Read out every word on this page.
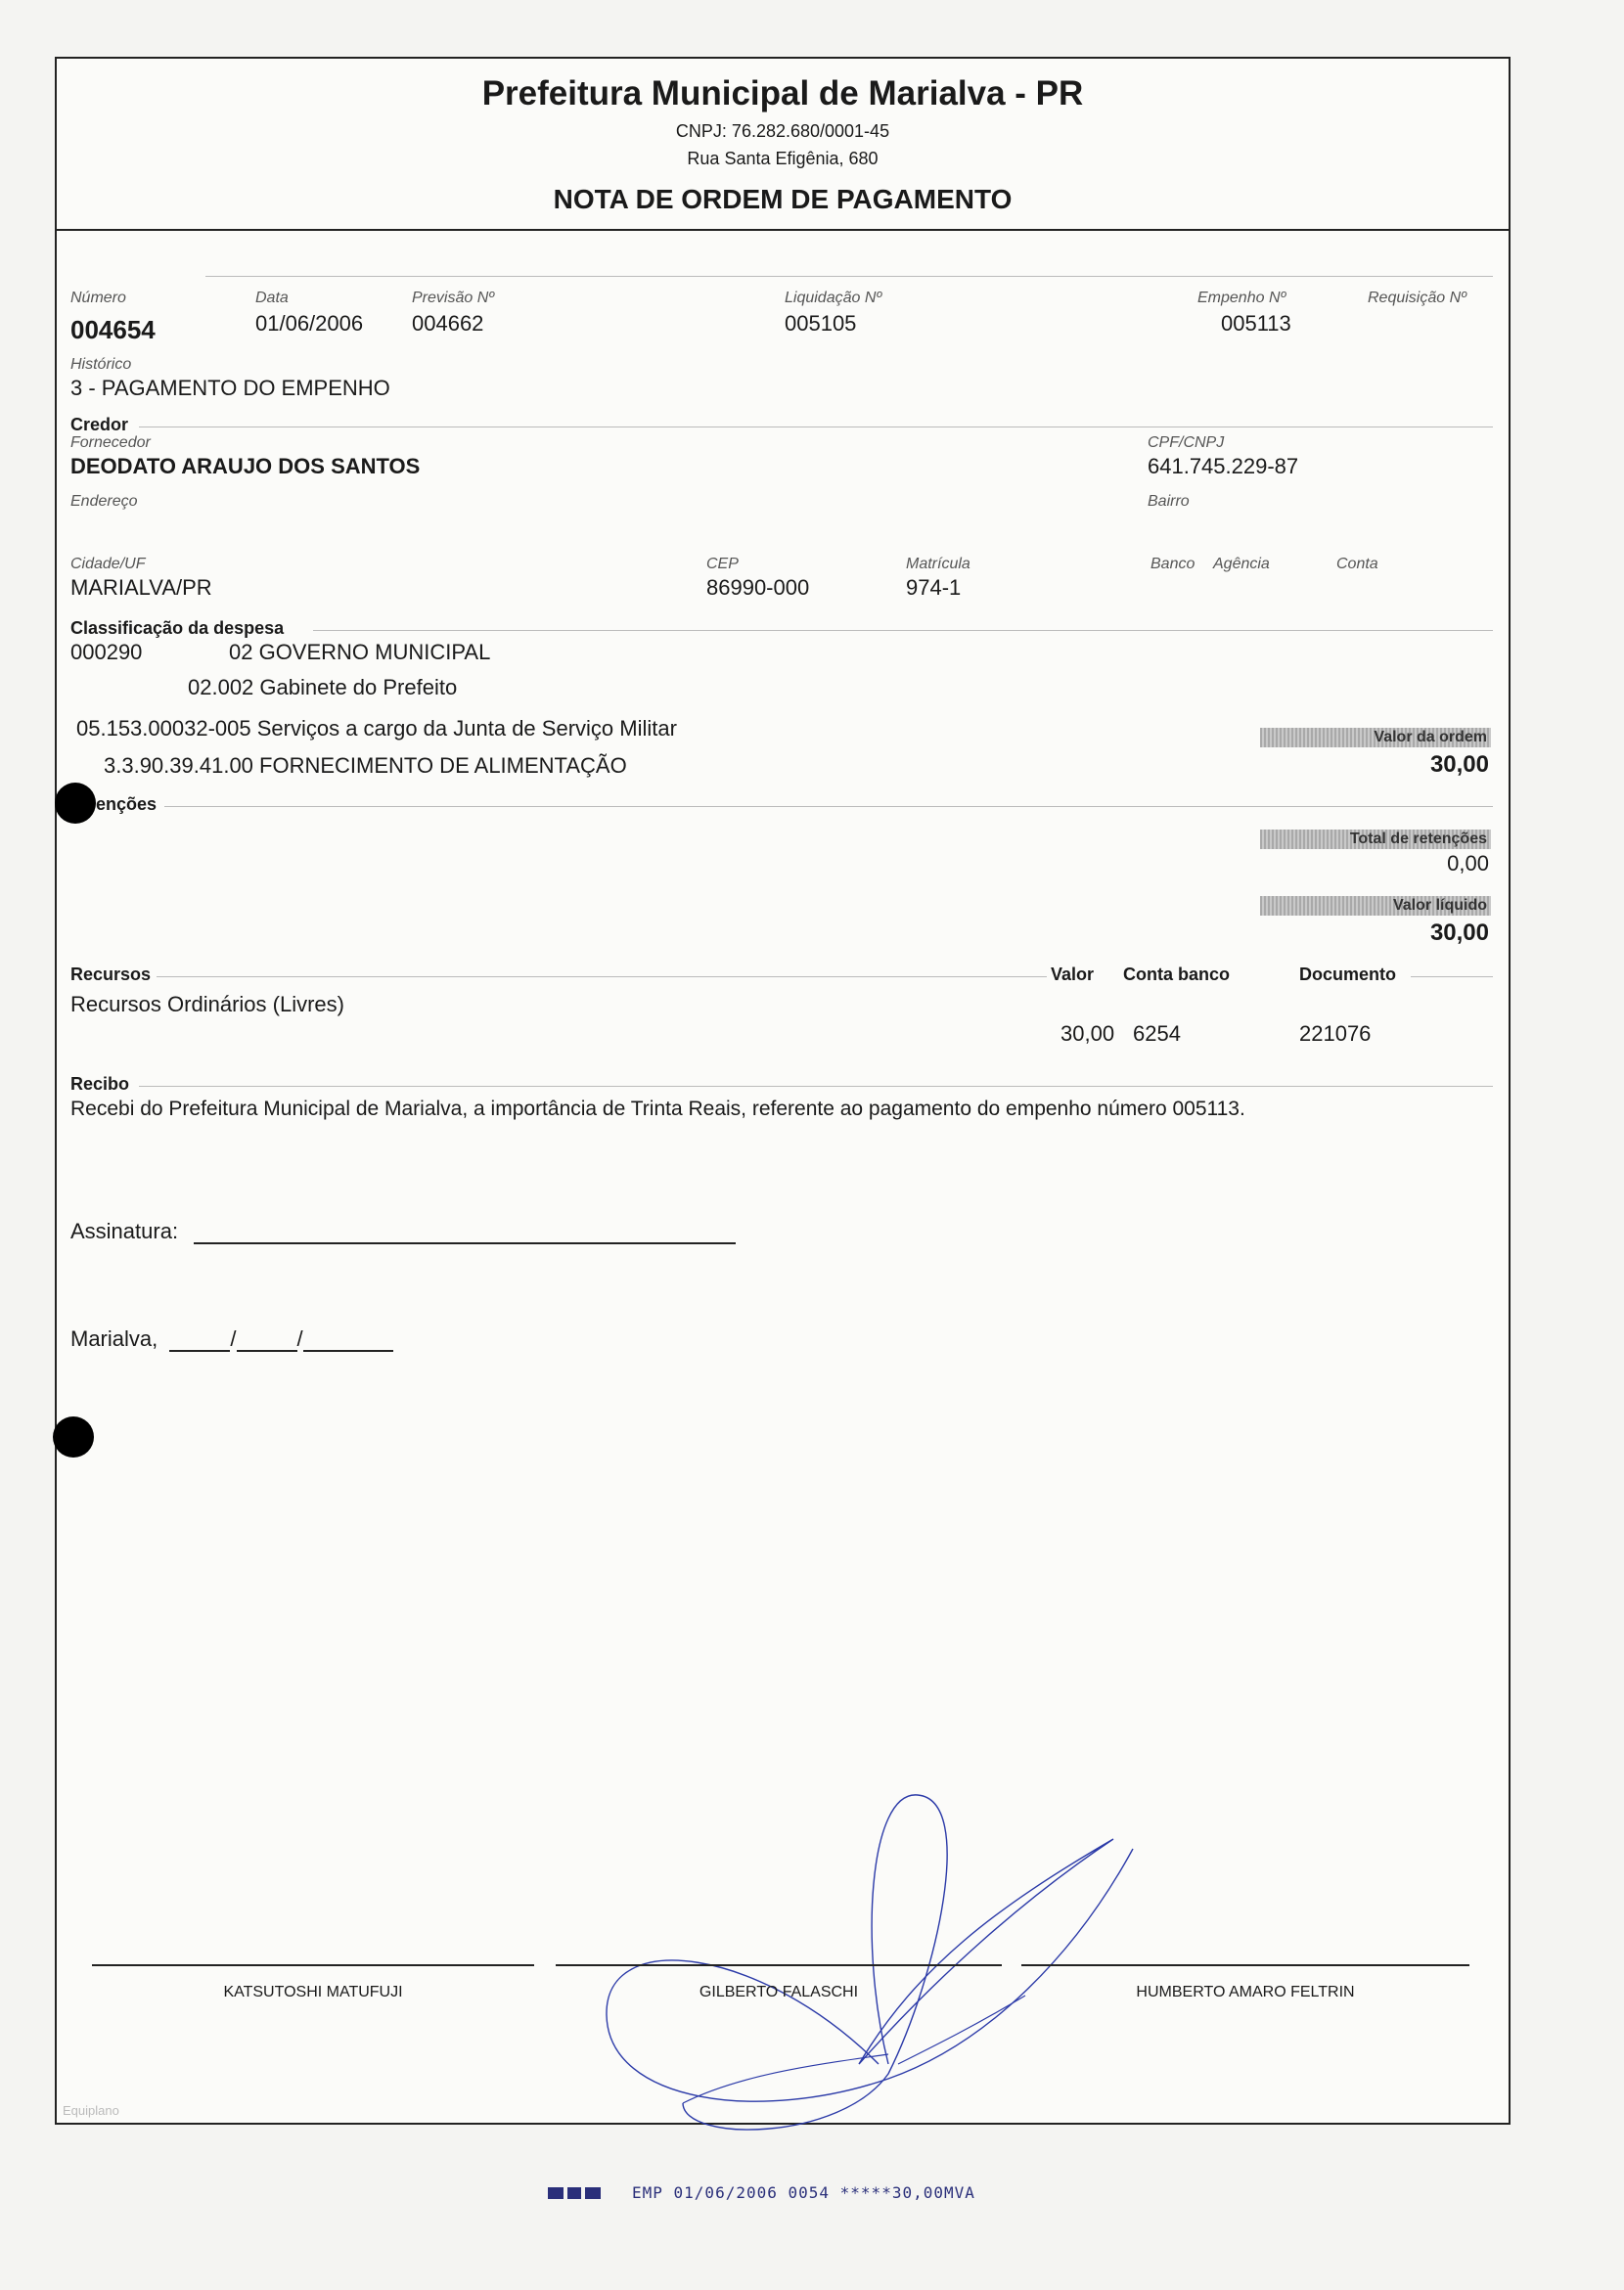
Prefeitura Municipal de Marialva - PR
CNPJ: 76.282.680/0001-45
Rua Santa Efigênia, 680
NOTA DE ORDEM DE PAGAMENTO
Número
004654
Data
01/06/2006
Previsão Nº
004662
Liquidação Nº
005105
Empenho Nº
005113
Requisição Nº
Histórico
3 - PAGAMENTO DO EMPENHO
Credor
Fornecedor
DEODATO ARAUJO DOS SANTOS
CPF/CNPJ
641.745.229-87
Endereço	Bairro
Cidade/UF
MARIALVA/PR
CEP
86990-000
Matrícula
974-1
Banco Agência	Conta
Classificação da despesa
000290	02 GOVERNO MUNICIPAL
02.002 Gabinete do Prefeito
05.153.00032-005 Serviços a cargo da Junta de Serviço Militar
3.3.90.39.41.00 FORNECIMENTO DE ALIMENTAÇÃO
Valor da ordem
30,00
enções
Total de retenções
0,00
Valor líquido
30,00
Recursos	Valor Conta banco	Documento
Recursos Ordinários (Livres)
30,00 6254	221076
Recibo
Recebi do Prefeitura Municipal de Marialva, a importância de Trinta Reais, referente ao pagamento do empenho número 005113.
Assinatura:
Marialva,	/	/
KATSUTOSHI MATUFUJI	GILBERTO FALASCHI	HUMBERTO AMARO FELTRIN
Equiplano
EMP 01/06/2006 0054 *****30,00MVA
